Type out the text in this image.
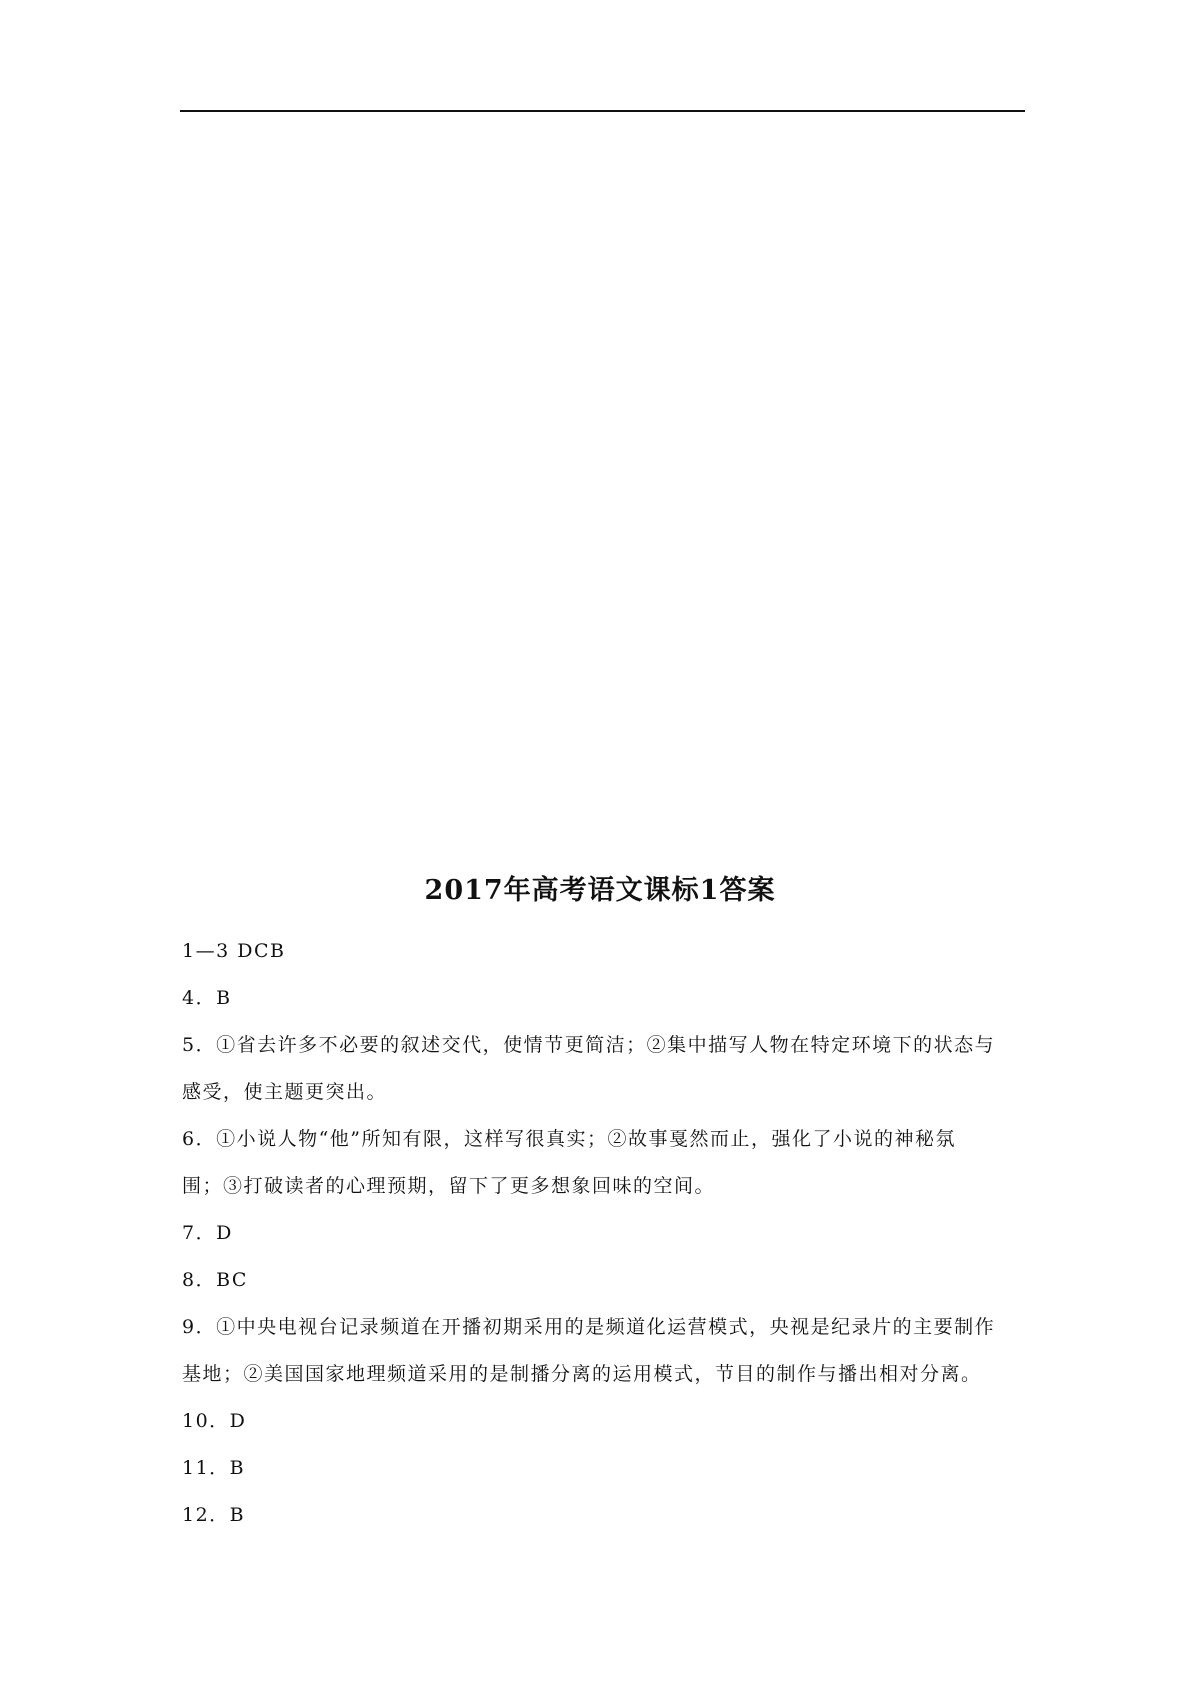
2017年高考语文课标1答案
1—3 DCB
4．B
5．①省去许多不必要的叙述交代，使情节更简洁；②集中描写人物在特定环境下的状态与
感受，使主题更突出。
6．①小说人物“他”所知有限，这样写很真实；②故事戛然而止，强化了小说的神秘氛
围；③打破读者的心理预期，留下了更多想象回味的空间。
7．D
8．BC
9．①中央电视台记录频道在开播初期采用的是频道化运营模式，央视是纪录片的主要制作
基地；②美国国家地理频道采用的是制播分离的运用模式，节目的制作与播出相对分离。
10．D
11．B
12．B
